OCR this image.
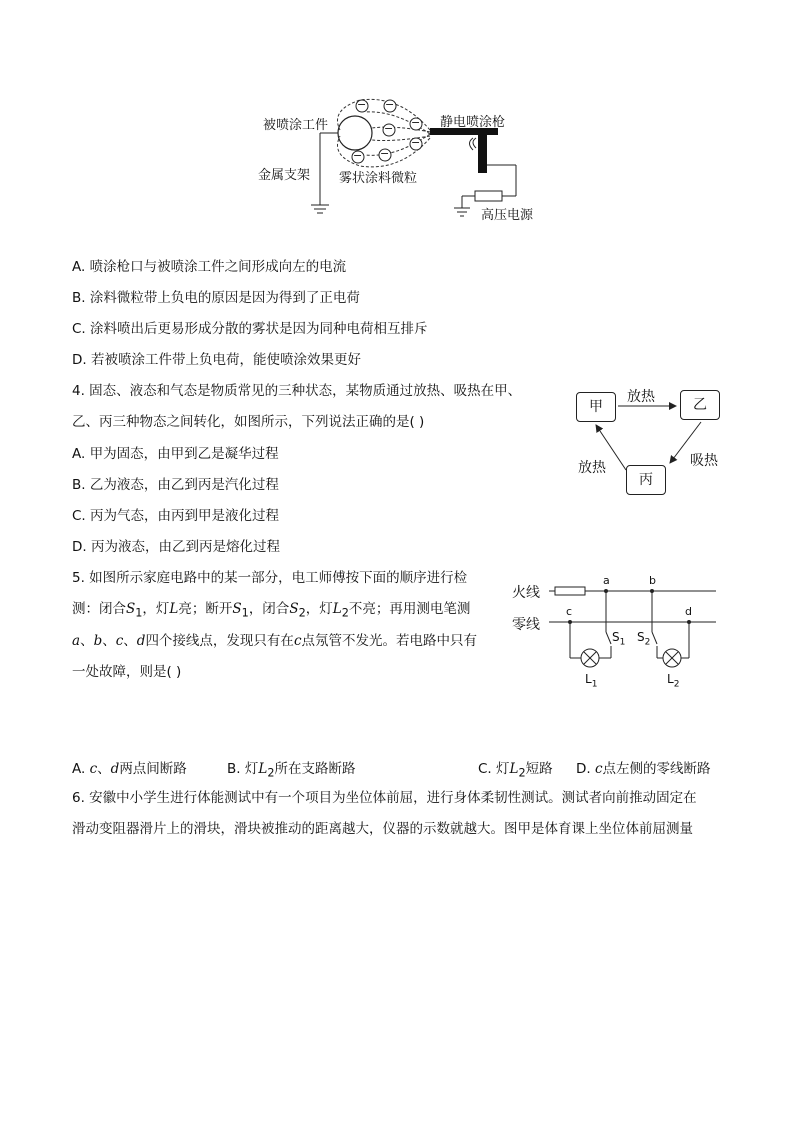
− −
−
−
−
−
−
被喷涂工件	静电喷涂枪
金属支架 雾状涂料微粒
高压电源
A. 喷涂枪口与被喷涂工件之间形成向左的电流
B. 涂料微粒带上负电的原因是因为得到了正电荷
C. 涂料喷出后更易形成分散的雾状是因为同种电荷相互排斥
D. 若被喷涂工件带上负电荷，能使喷涂效果更好
4. 固态、液态和气态是物质常见的三种状态，某物质通过放热、吸热在甲、
乙、丙三种物态之间转化，如图所示，下列说法正确的是( )
A. 甲为固态，由甲到乙是凝华过程
B. 乙为液态，由乙到丙是汽化过程
C. 丙为气态，由丙到甲是液化过程
D. 丙为液态，由乙到丙是熔化过程
甲	乙
丙
放热
吸热
放热
5. 如图所示家庭电路中的某一部分，电工师傅按下面的顺序进行检
测：闭合$S_1$，灯L亮；断开$S_1$，闭合$S_2$，灯$L_2$不亮；再用测电笔测
a、b、c、d四个接线点，发现只有在c点氖管不发光。若电路中只有
一处故障，则是( )
火线
零线
a	b
c	d
$S_1$ $S_2$
$L_1$	$L_2$
A. c、d两点间断路	B. 灯$L_2$所在支路断路	C. 灯$L_2$短路 D. c点左侧的零线断路
6. 安徽中小学生进行体能测试中有一个项目为坐位体前屈，进行身体柔韧性测试。测试者向前推动固定在
滑动变阻器滑片上的滑块，滑块被推动的距离越大，仪器的示数就越大。图甲是体育课上坐位体前屈测量
